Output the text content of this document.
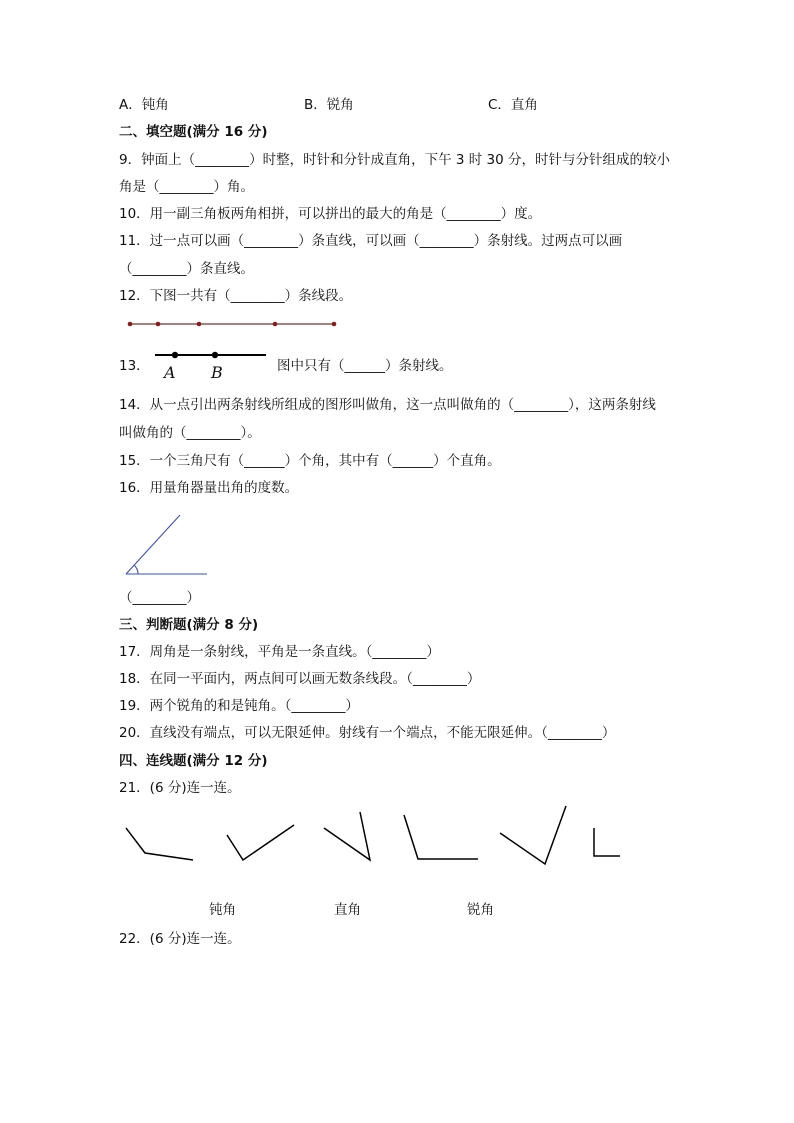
A．钝角	B．锐角	C．直角
二、填空题(满分 16 分)
9．钟面上（________）时整，时针和分针成直角，下午 3 时 30 分，时针与分针组成的较小
角是（________）角。
10．用一副三角板两角相拼，可以拼出的最大的角是（________）度。
11．过一点可以画（________）条直线，可以画（________）条射线。过两点可以画
（________）条直线。
12．下图一共有（________）条线段。
13． A B	图中只有（______）条射线。
14．从一点引出两条射线所组成的图形叫做角，这一点叫做角的（________），这两条射线
叫做角的（________）。
15．一个三角尺有（______）个角，其中有（______）个直角。
16．用量角器量出角的度数。
（________）
三、判断题(满分 8 分)
17．周角是一条射线，平角是一条直线。（________）
18．在同一平面内，两点间可以画无数条线段。（________）
19．两个锐角的和是钝角。（________）
20．直线没有端点，可以无限延伸。射线有一个端点，不能无限延伸。（________）
四、连线题(满分 12 分)
21．(6 分)连一连。
钝角	直角	锐角
22．(6 分)连一连。
